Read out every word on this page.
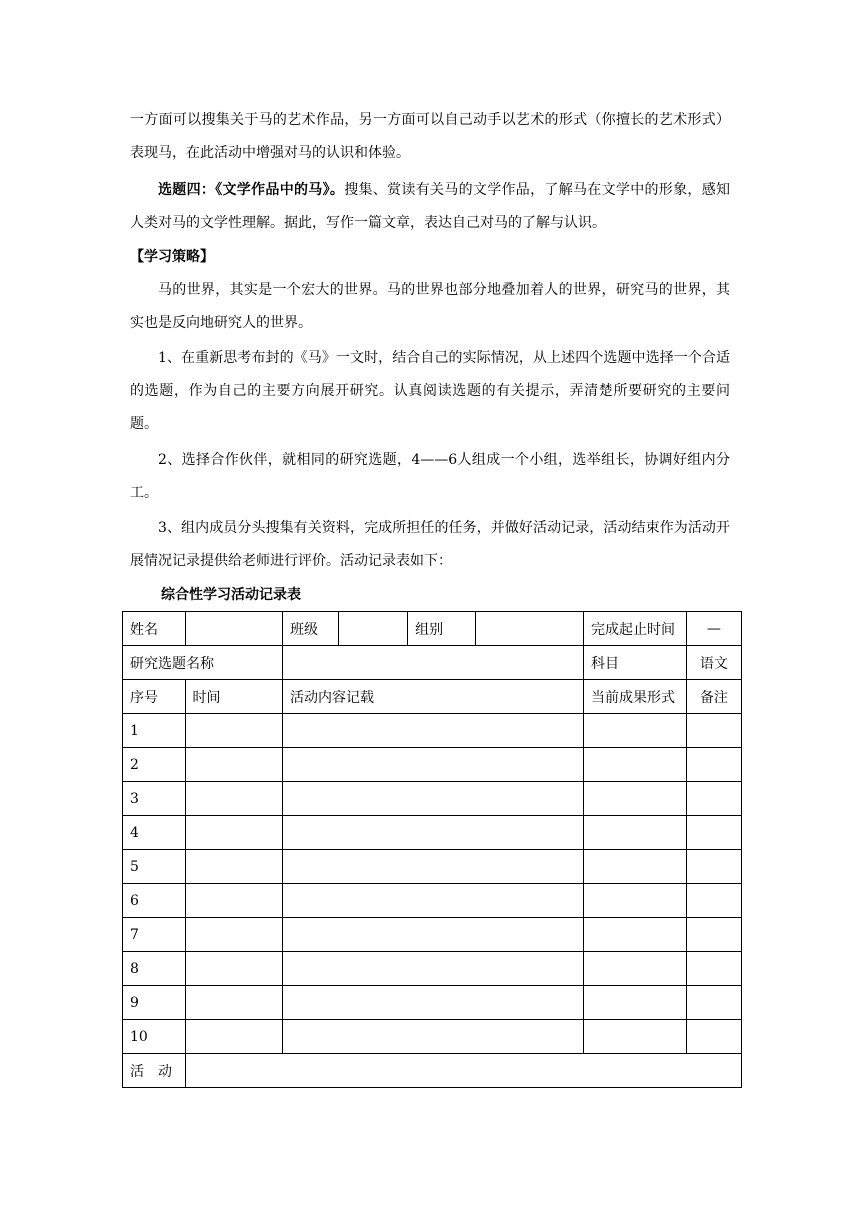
一方面可以搜集关于马的艺术作品，另一方面可以自己动手以艺术的形式（你擅长的艺术形式）表现马，在此活动中增强对马的认识和体验。

选题四：《文学作品中的马》。搜集、赏读有关马的文学作品，了解马在文学中的形象，感知人类对马的文学性理解。据此，写作一篇文章，表达自己对马的了解与认识。

【学习策略】

马的世界，其实是一个宏大的世界。马的世界也部分地叠加着人的世界，研究马的世界，其实也是反向地研究人的世界。

1、在重新思考布封的《马》一文时，结合自己的实际情况，从上述四个选题中选择一个合适的选题，作为自己的主要方向展开研究。认真阅读选题的有关提示，弄清楚所要研究的主要问题。

2、选择合作伙伴，就相同的研究选题，4——6人组成一个小组，选举组长，协调好组内分工。

3、组内成员分头搜集有关资料，完成所担任的任务，并做好活动记录，活动结束作为活动开展情况记录提供给老师进行评价。活动记录表如下：

综合性学习活动记录表
姓名		班级		组别		完成起止时间	—
研究选题名称						科目	语文
序号	时间	活动内容记载				当前成果形式	备注
1							
2							
3							
4							
5							
6							
7							
8							
9							
10							
活　动							
